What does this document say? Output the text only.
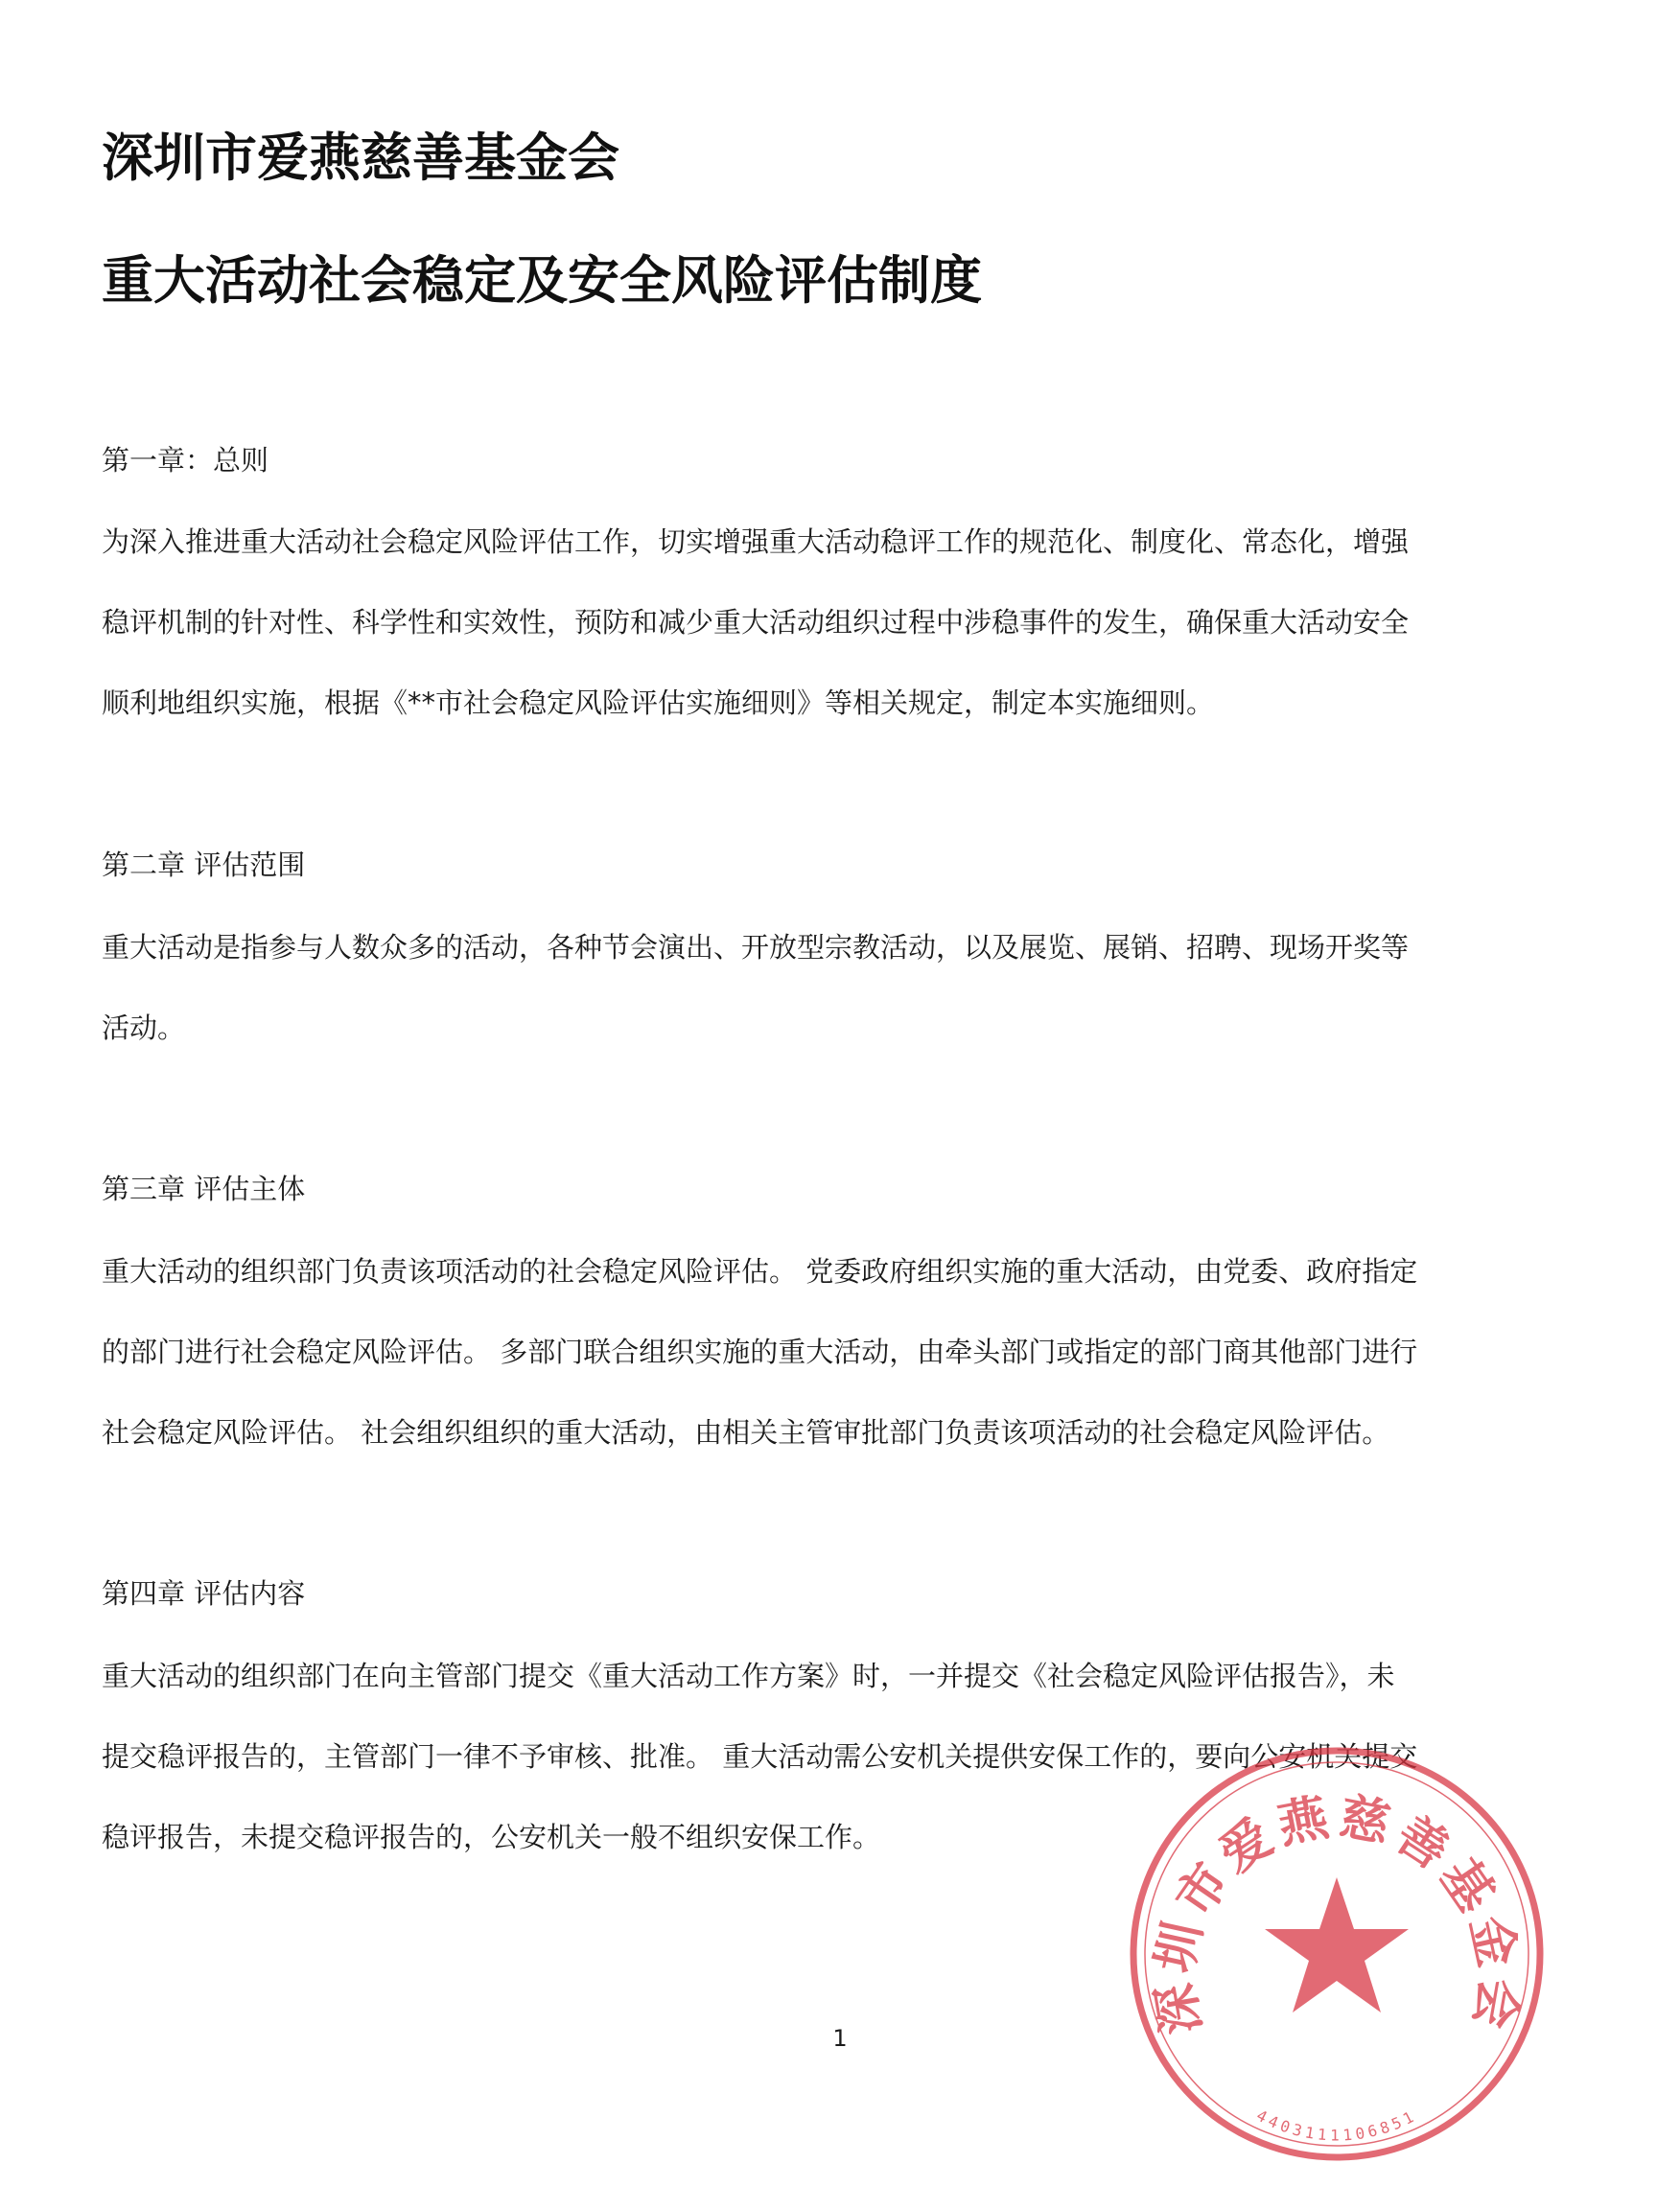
深圳市爱燕慈善基金会
重大活动社会稳定及安全风险评估制度
第一章：总则
为深入推进重大活动社会稳定风险评估工作，切实增强重大活动稳评工作的规范化、制度化、常态化，增强
稳评机制的针对性、科学性和实效性，预防和减少重大活动组织过程中涉稳事件的发生，确保重大活动安全
顺利地组织实施，根据《**市社会稳定风险评估实施细则》等相关规定，制定本实施细则。
第二章 评估范围
重大活动是指参与人数众多的活动，各种节会演出、开放型宗教活动，以及展览、展销、招聘、现场开奖等
活动。
第三章 评估主体
重大活动的组织部门负责该项活动的社会稳定风险评估。 党委政府组织实施的重大活动，由党委、政府指定
的部门进行社会稳定风险评估。 多部门联合组织实施的重大活动，由牵头部门或指定的部门商其他部门进行
社会稳定风险评估。 社会组织组织的重大活动，由相关主管审批部门负责该项活动的社会稳定风险评估。
第四章 评估内容
重大活动的组织部门在向主管部门提交《重大活动工作方案》时，一并提交《社会稳定风险评估报告》，未
提交稳评报告的，主管部门一律不予审核、批准。 重大活动需公安机关提供安保工作的，要向公安机关提交
稳评报告，未提交稳评报告的，公安机关一般不组织安保工作。
深圳市爱燕慈善基金会
4403111106851
1
